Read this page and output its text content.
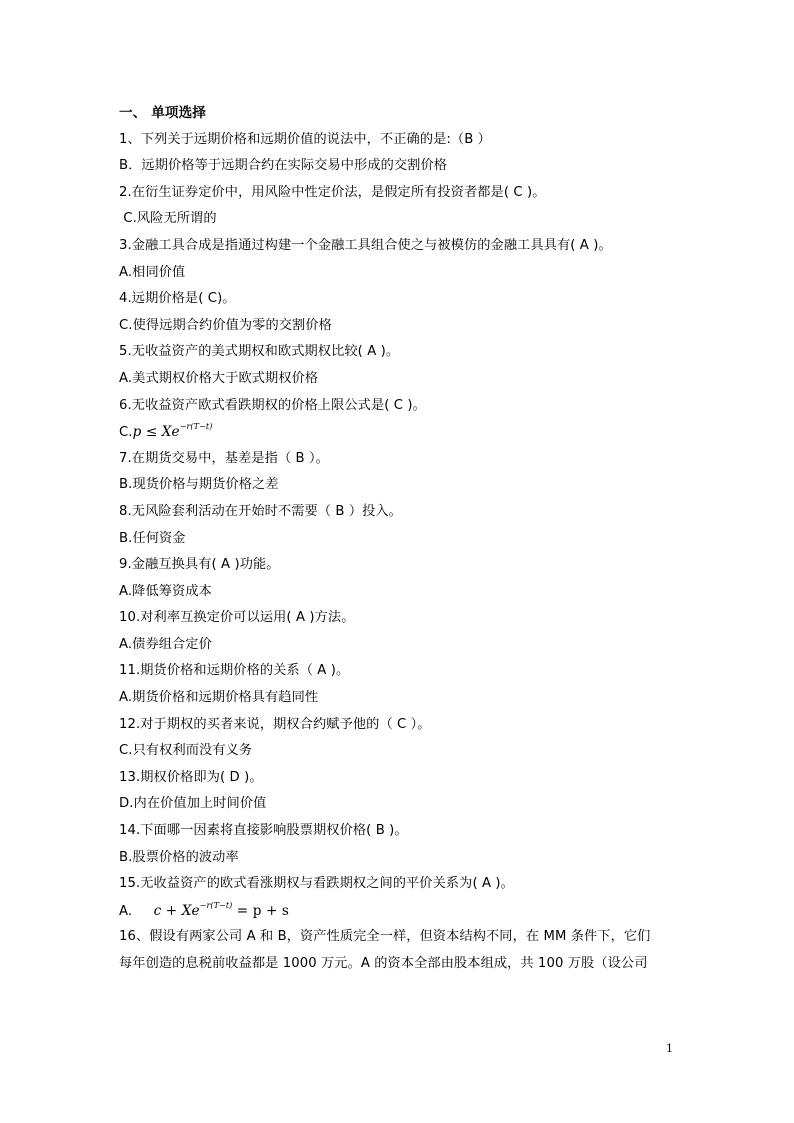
一、 单项选择
1、下列关于远期价格和远期价值的说法中，不正确的是:（B ）
B．远期价格等于远期合约在实际交易中形成的交割价格
2.在衍生证券定价中，用风险中性定价法，是假定所有投资者都是( C )。
C.风险无所谓的
3.金融工具合成是指通过构建一个金融工具组合使之与被模仿的金融工具具有( A )。
A.相同价值
4.远期价格是( C)。
C.使得远期合约价值为零的交割价格
5.无收益资产的美式期权和欧式期权比较( A )。
A.美式期权价格大于欧式期权价格
6.无收益资产欧式看跌期权的价格上限公式是( C )。
$C.p \le Xe^{-r(T-t)}$
7.在期货交易中，基差是指（ B ）。
B.现货价格与期货价格之差
8.无风险套利活动在开始时不需要（ B ）投入。
B.任何资金
9.金融互换具有( A )功能。
A.降低筹资成本
10.对利率互换定价可以运用( A )方法。
A.债券组合定价
11.期货价格和远期价格的关系（ A )。
A.期货价格和远期价格具有趋同性
12.对于期权的买者来说，期权合约赋予他的（ C ）。
C.只有权利而没有义务
13.期权价格即为( D )。
D.内在价值加上时间价值
14.下面哪一因素将直接影响股票期权价格( B )。
B.股票价格的波动率
15.无收益资产的欧式看涨期权与看跌期权之间的平价关系为( A )。
A.     $c + Xe^{-r(T-t)} = p + s$
16、假设有两家公司 A 和 B，资产性质完全一样，但资本结构不同，在 MM 条件下，它们
每年创造的息税前收益都是 1000 万元。A 的资本全部由股本组成，共 100 万股（设公司
1
